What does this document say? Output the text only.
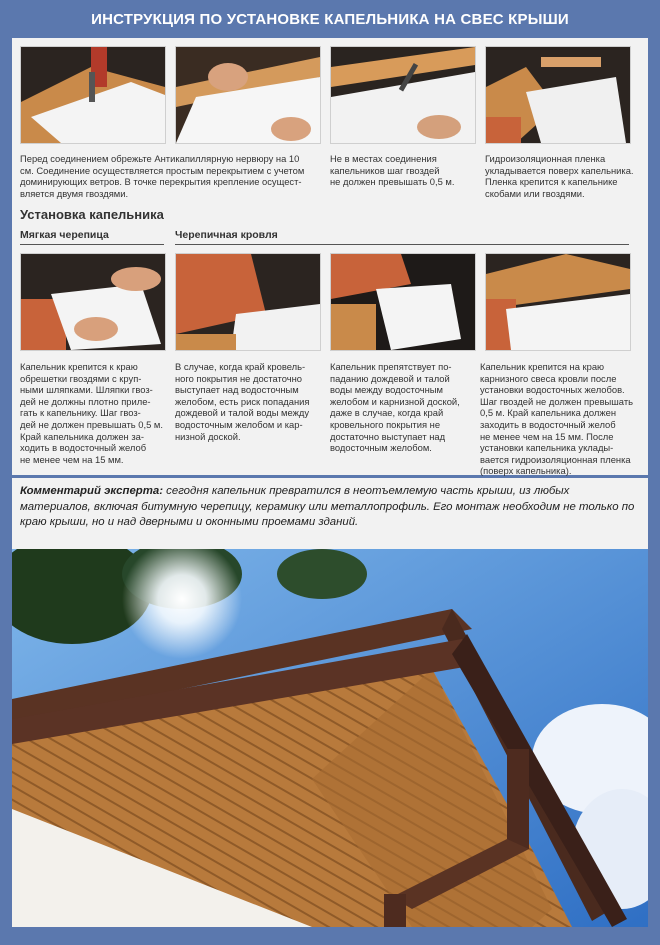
ИНСТРУКЦИЯ ПО УСТАНОВКЕ КАПЕЛЬНИКА НА СВЕС КРЫШИ
Перед соединением обрежьте Антикапиллярную нервюру на 10
см. Соединение осуществляется простым перекрытием с учетом
доминирующих ветров. В точке перекрытия крепление осущест-
вляется двумя гвоздями.
Не в местах соединения
капельников шаг гвоздей
не должен превышать 0,5 м.
Гидроизоляционная пленка
укладывается поверх капельника.
Пленка крепится к капельнике
скобами или гвоздями.
Установка капельника
Мягкая черепица	Черепичная кровля
Капельник крепится к краю
обрешетки гвоздями с круп-
ными шляпками. Шляпки гвоз-
дей не должны плотно приле-
гать к капельнику. Шаг гвоз-
дей не должен превышать 0,5 м.
Край капельника должен за-
ходить в водосточный желоб
не менее чем на 15 мм.
В случае, когда край кровель-
ного покрытия не достаточно
выступает над водосточным
желобом, есть риск попадания
дождевой и талой воды между
водосточным желобом и кар-
низной доской.
Капельник препятствует по-
паданию дождевой и талой
воды между водосточным
желобом и карнизной доской,
даже в случае, когда край
кровельного покрытия не
достаточно выступает над
водосточным желобом.
Капельник крепится на краю
карнизного свеса кровли после
установки водосточных желобов.
Шаг гвоздей не должен превышать
0,5 м. Край капельника должен
заходить в водосточный желоб
не менее чем на 15 мм. После
установки капельника уклады-
вается гидроизоляционная пленка
(поверх капельника).
Комментарий эксперта: сегодня капельник превратился в неотъемлемую часть крыши, из любых материалов, включая битумную черепицу, керамику или металлопрофиль. Его монтаж необходим не только по краю крыши, но и над дверными и оконными проемами зданий.
